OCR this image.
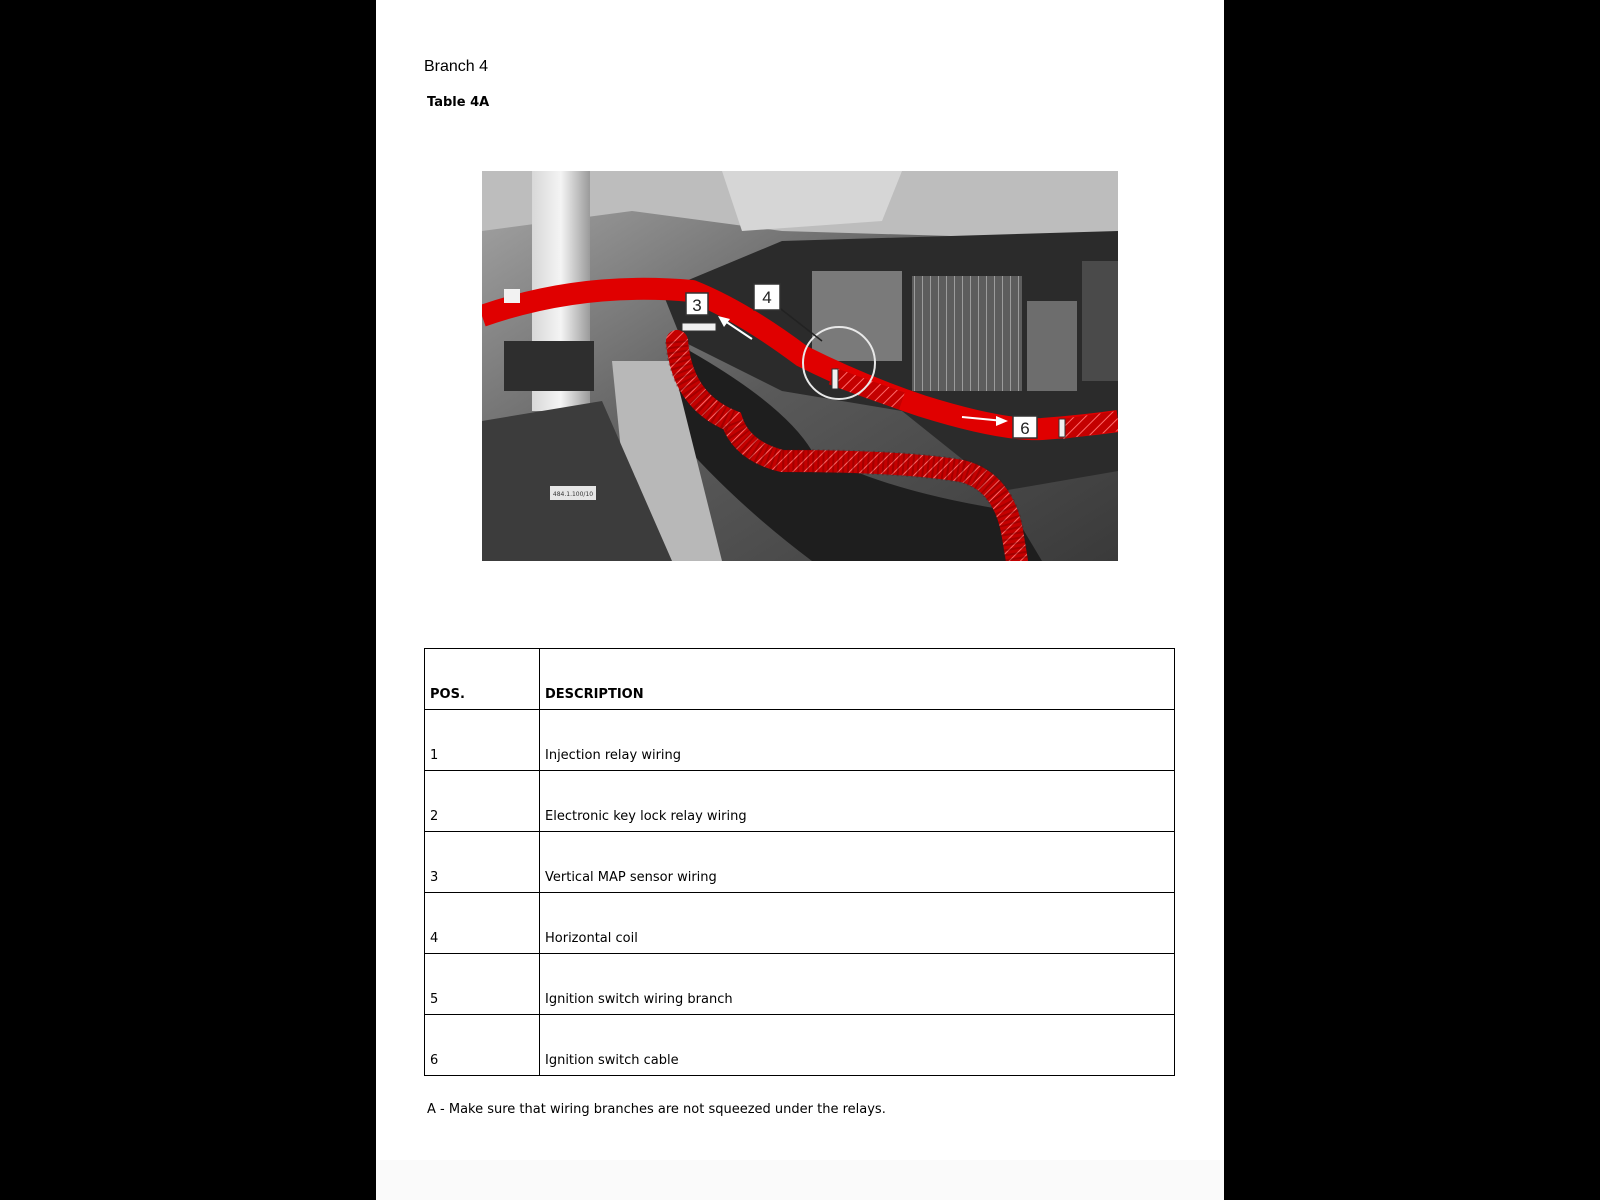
Branch 4
Table 4A
484.1.100/10
3	4
6
POS.	DESCRIPTION
1	Injection relay wiring
2	Electronic key lock relay wiring
3	Vertical MAP sensor wiring
4	Horizontal coil
5	Ignition switch wiring branch
6	Ignition switch cable
A - Make sure that wiring branches are not squeezed under the relays.
